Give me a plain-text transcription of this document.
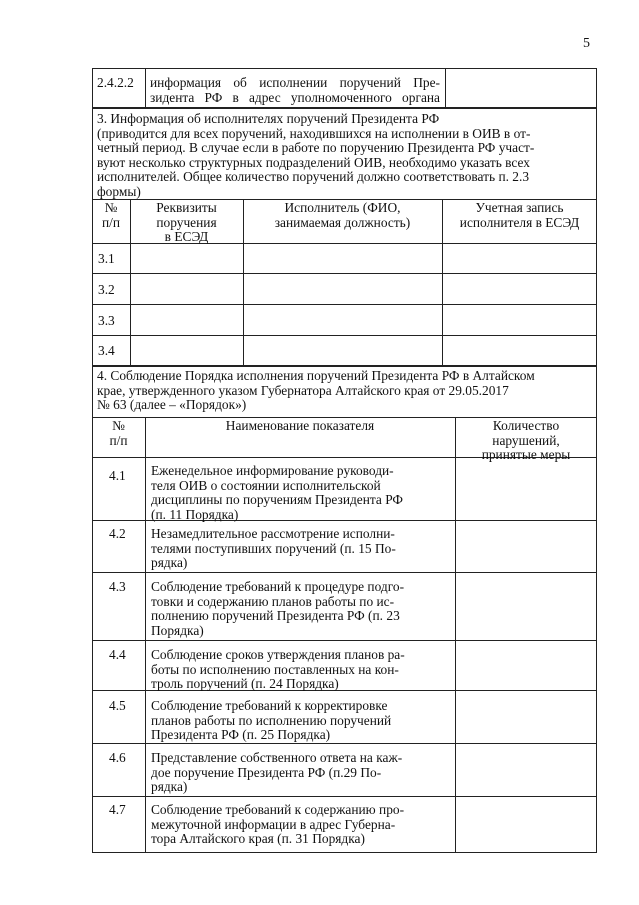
5
2.4.2.2 информация об исполнении поручений Пре-
зидента РФ в адрес уполномоченного органа
3. Информация об исполнителях поручений Президента РФ
(приводится для всех поручений, находившихся на исполнении в ОИВ в от-
четный период. В случае если в работе по поручению Президента РФ участ-
вуют несколько структурных подразделений ОИВ, необходимо указать всех
исполнителей. Общее количество поручений должно соответствовать п. 2.3
формы)
№
п/п
Реквизиты
поручения
в ЕСЭД
Исполнитель (ФИО,
занимаемая должность)
Учетная запись
исполнителя в ЕСЭД
3.1
3.2
3.3
3.4
4. Соблюдение Порядка исполнения поручений Президента РФ в Алтайском
крае, утвержденного указом Губернатора Алтайского края от 29.05.2017
№ 63 (далее – «Порядок»)
№
п/п
Наименование показателя	Количество
нарушений,
принятые меры
4.1 Еженедельное информирование руководи-
теля ОИВ о состоянии исполнительской
дисциплины по поручениям Президента РФ
(п. 11 Порядка)
4.2 Незамедлительное рассмотрение исполни-
телями поступивших поручений (п. 15 По-
рядка)
4.3 Соблюдение требований к процедуре подго-
товки и содержанию планов работы по ис-
полнению поручений Президента РФ (п. 23
Порядка)
4.4 Соблюдение сроков утверждения планов ра-
боты по исполнению поставленных на кон-
троль поручений (п. 24 Порядка)
4.5 Соблюдение требований к корректировке
планов работы по исполнению поручений
Президента РФ (п. 25 Порядка)
4.6 Представление собственного ответа на каж-
дое поручение Президента РФ (п.29 По-
рядка)
4.7 Соблюдение требований к содержанию про-
межуточной информации в адрес Губерна-
тора Алтайского края (п. 31 Порядка)
